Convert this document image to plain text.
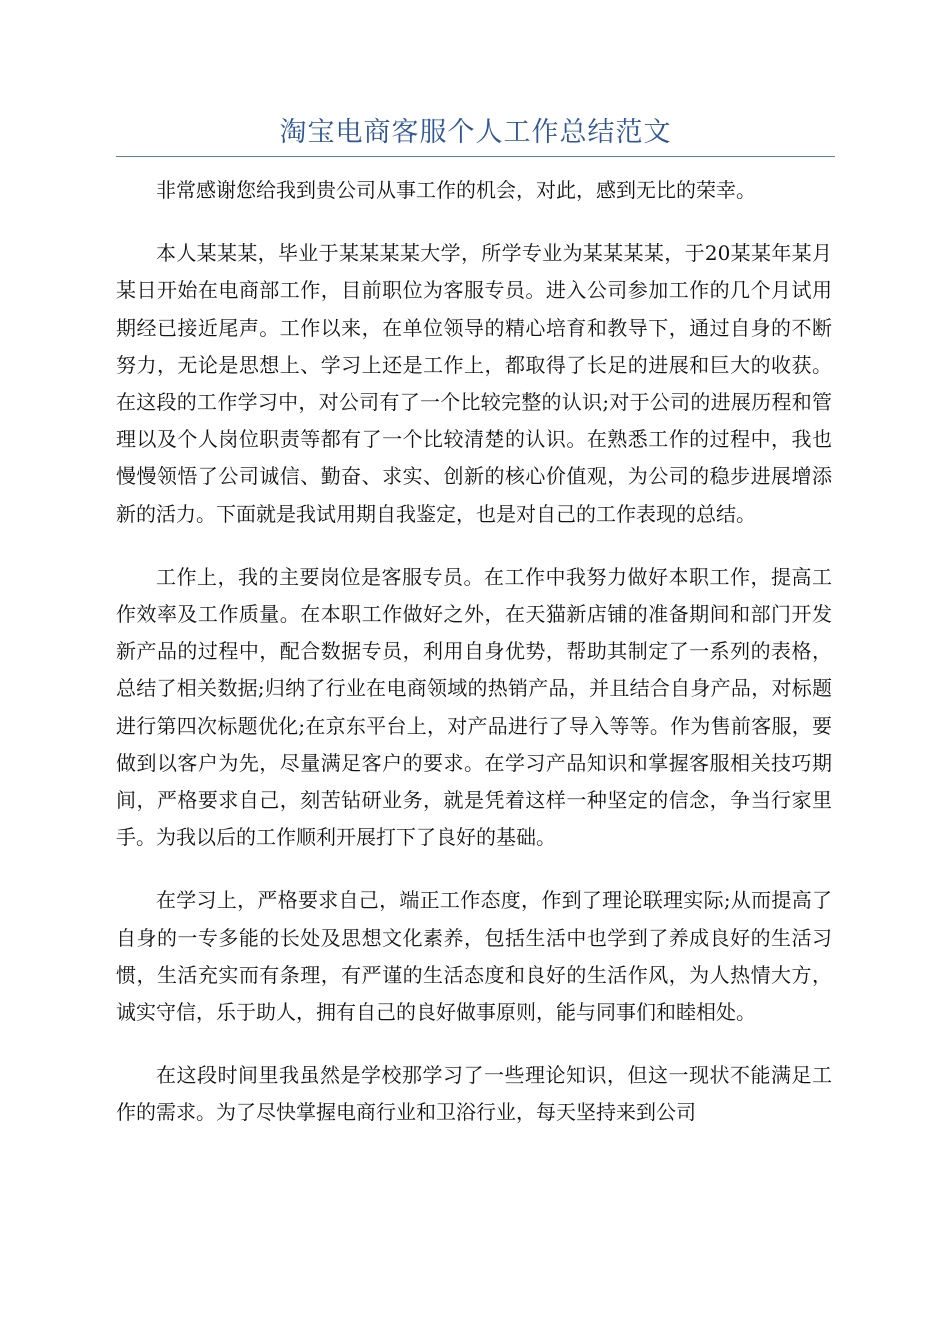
淘宝电商客服个人工作总结范文

非常感谢您给我到贵公司从事工作的机会，对此，感到无比的荣幸。

本人某某某，毕业于某某某某大学，所学专业为某某某某，于20某某年某月某日开始在电商部工作，目前职位为客服专员。进入公司参加工作的几个月试用期经已接近尾声。工作以来，在单位领导的精心培育和教导下，通过自身的不断努力，无论是思想上、学习上还是工作上，都取得了长足的进展和巨大的收获。在这段的工作学习中，对公司有了一个比较完整的认识;对于公司的进展历程和管理以及个人岗位职责等都有了一个比较清楚的认识。在熟悉工作的过程中，我也慢慢领悟了公司诚信、勤奋、求实、创新的核心价值观，为公司的稳步进展增添新的活力。下面就是我试用期自我鉴定，也是对自己的工作表现的总结。

工作上，我的主要岗位是客服专员。在工作中我努力做好本职工作，提高工作效率及工作质量。在本职工作做好之外，在天猫新店铺的准备期间和部门开发新产品的过程中，配合数据专员，利用自身优势，帮助其制定了一系列的表格，总结了相关数据;归纳了行业在电商领域的热销产品，并且结合自身产品，对标题进行第四次标题优化;在京东平台上，对产品进行了导入等等。作为售前客服，要做到以客户为先，尽量满足客户的要求。在学习产品知识和掌握客服相关技巧期间，严格要求自己，刻苦钻研业务，就是凭着这样一种坚定的信念，争当行家里手。为我以后的工作顺利开展打下了良好的基础。

在学习上，严格要求自己，端正工作态度，作到了理论联理实际;从而提高了自身的一专多能的长处及思想文化素养，包括生活中也学到了养成良好的生活习惯，生活充实而有条理，有严谨的生活态度和良好的生活作风，为人热情大方，诚实守信，乐于助人，拥有自己的良好做事原则，能与同事们和睦相处。

在这段时间里我虽然是学校那学习了一些理论知识，但这一现状不能满足工作的需求。为了尽快掌握电商行业和卫浴行业，每天坚持来到公司
